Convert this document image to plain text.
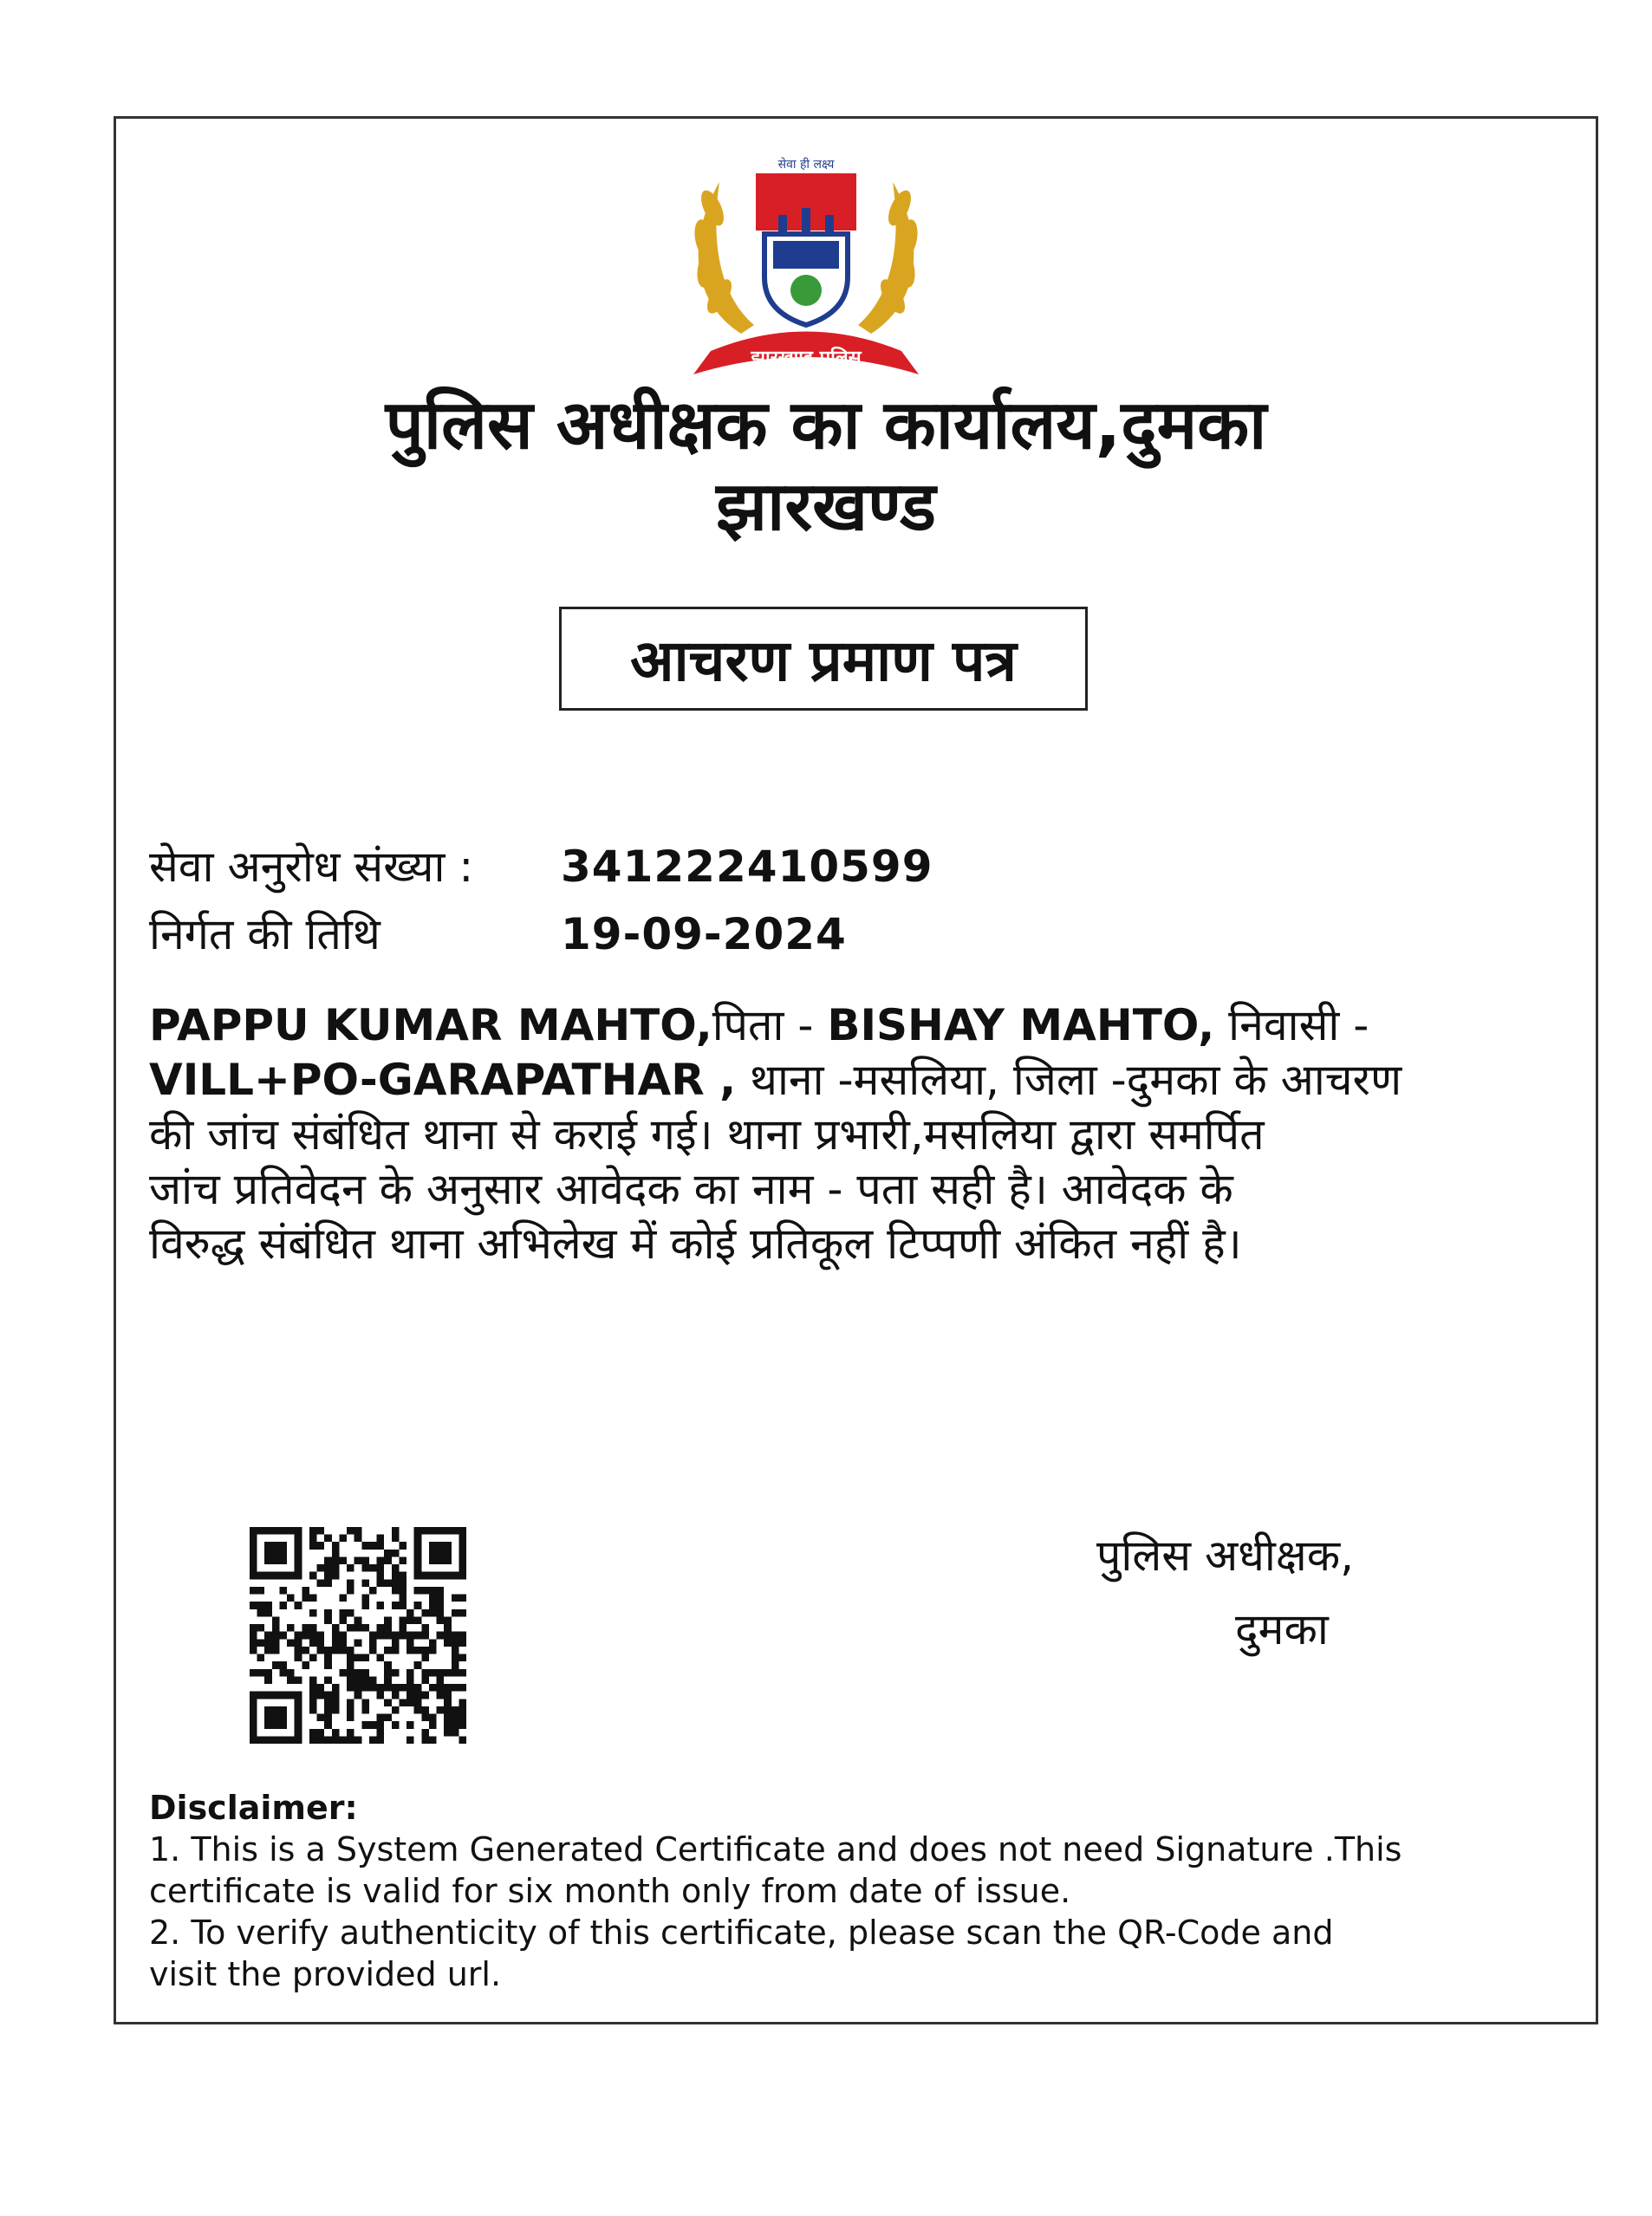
सेवा ही लक्ष्य
झारखण्ड पुलिस
पुलिस अधीक्षक का कार्यालय,दुमका
झारखण्ड
आचरण प्रमाण पत्र
सेवा अनुरोध संख्या : 341222410599
निर्गत की तिथि	19-09-2024
PAPPU KUMAR MAHTO,पिता - BISHAY MAHTO, निवासी -
VILL+PO-GARAPATHAR , थाना -मसलिया, जिला -दुमका के आचरण
की जांच संबंधित थाना से कराई गई। थाना प्रभारी,मसलिया द्वारा समर्पित
जांच प्रतिवेदन के अनुसार आवेदक का नाम - पता सही है। आवेदक के
विरुद्ध संबंधित थाना अभिलेख में कोई प्रतिकूल टिप्पणी अंकित नहीं है।
पुलिस अधीक्षक,
दुमका
Disclaimer:
1. This is a System Generated Certificate and does not need Signature .This
certificate is valid for six month only from date of issue.
2. To verify authenticity of this certificate, please scan the QR-Code and
visit the provided url.
